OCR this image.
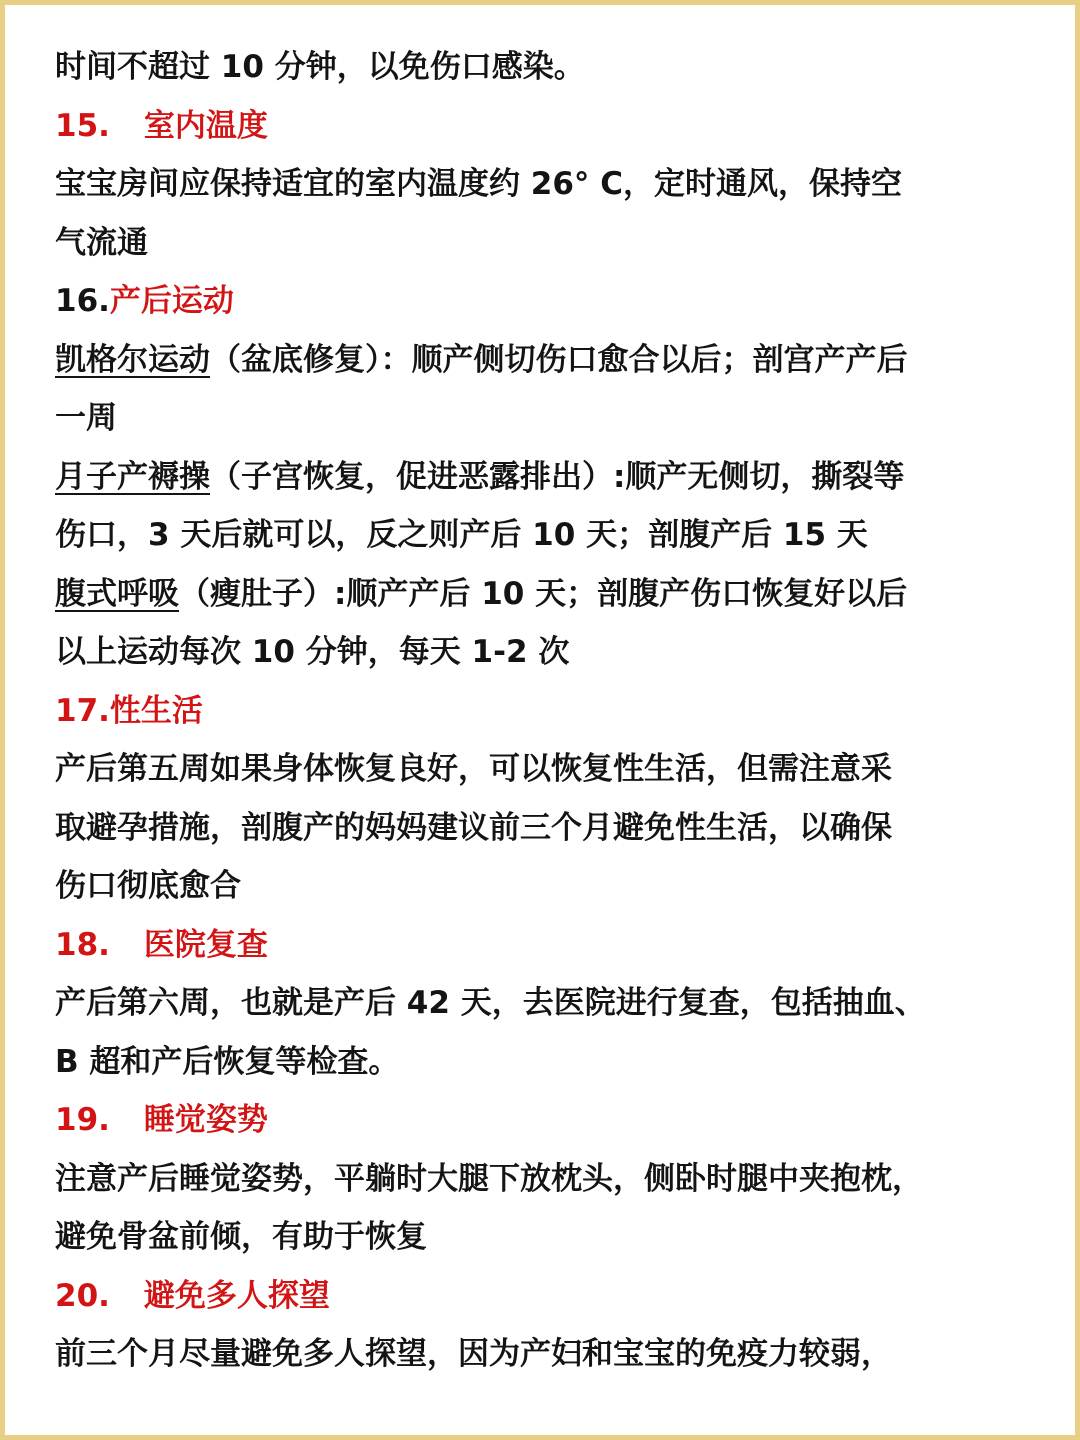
时间不超过 10 分钟，以免伤口感染。
15. 室内温度
宝宝房间应保持适宜的室内温度约 26° C，定时通风，保持空
气流通
16.产后运动
凯格尔运动（盆底修复）：顺产侧切伤口愈合以后；剖宫产产后
一周
月子产褥操（子宫恢复，促进恶露排出）:顺产无侧切，撕裂等
伤口，3 天后就可以，反之则产后 10 天；剖腹产后 15 天
腹式呼吸（瘦肚子）:顺产产后 10 天；剖腹产伤口恢复好以后
以上运动每次 10 分钟，每天 1-2 次
17.性生活
产后第五周如果身体恢复良好，可以恢复性生活，但需注意采
取避孕措施，剖腹产的妈妈建议前三个月避免性生活，以确保
伤口彻底愈合
18. 医院复查
产后第六周，也就是产后 42 天，去医院进行复查，包括抽血、
B 超和产后恢复等检查。
19. 睡觉姿势
注意产后睡觉姿势，平躺时大腿下放枕头，侧卧时腿中夹抱枕，
避免骨盆前倾，有助于恢复
20. 避免多人探望
前三个月尽量避免多人探望，因为产妇和宝宝的免疫力较弱，
